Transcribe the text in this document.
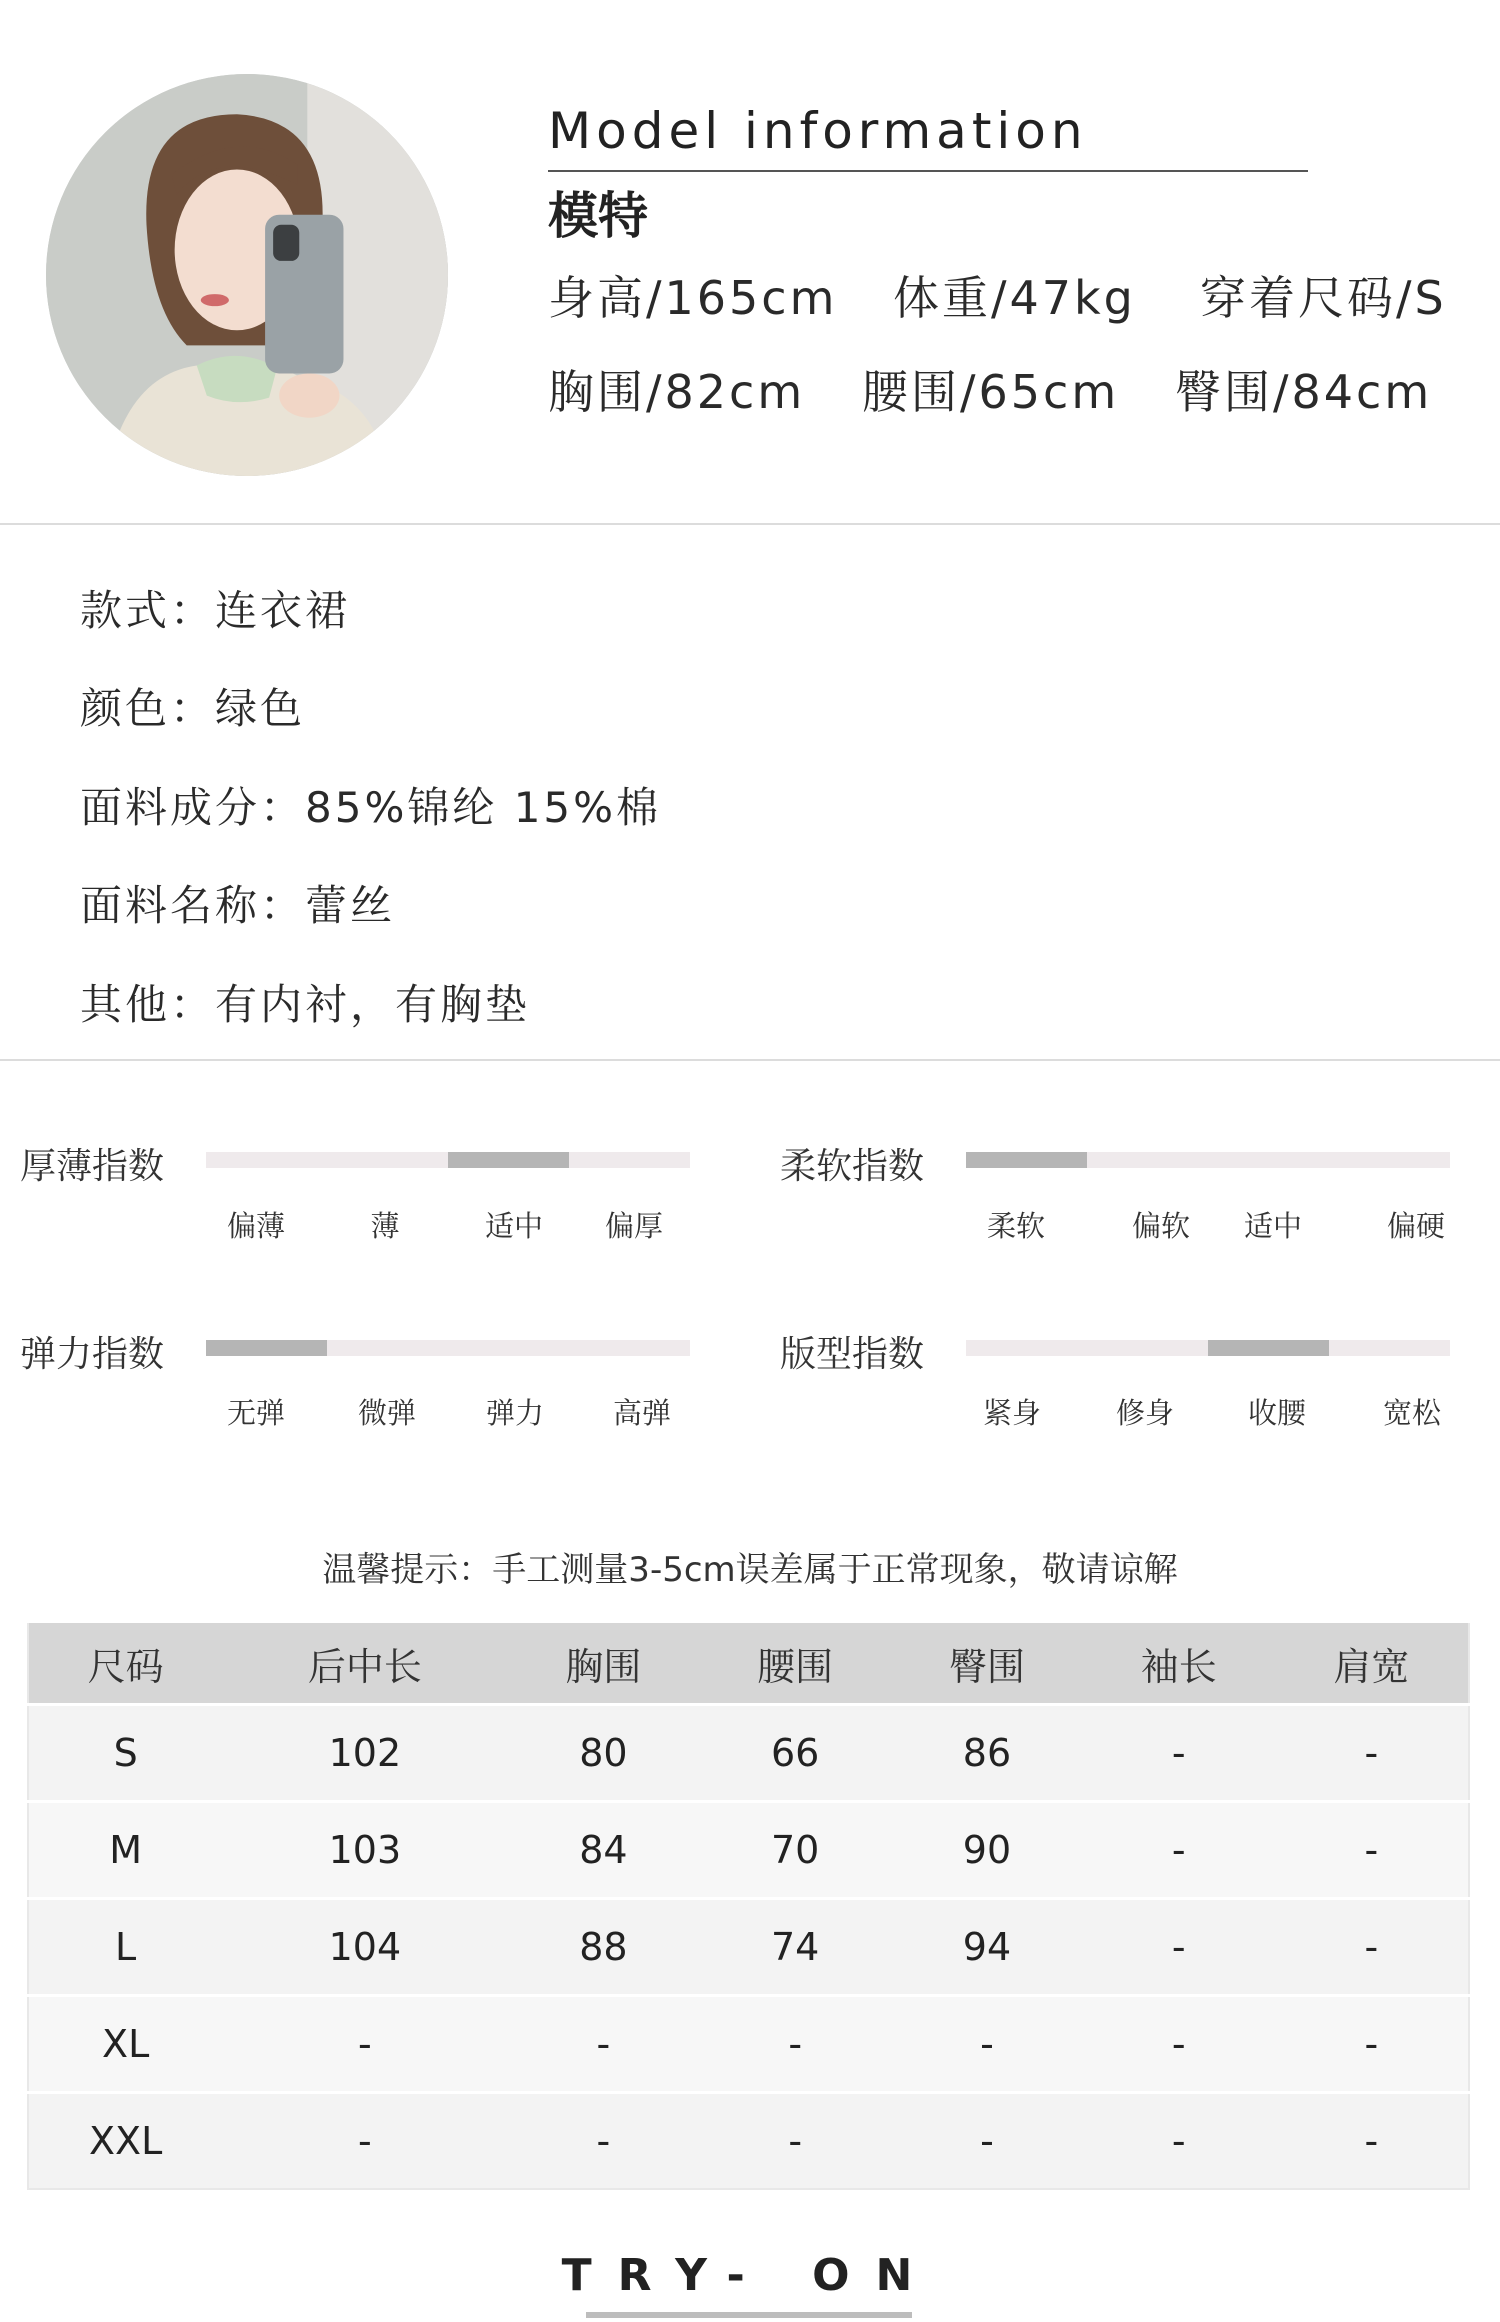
Model information
模特
身高/165cm 体重/47kg 穿着尺码/S
胸围/82cm 腰围/65cm 臀围/84cm
款式：连衣裙
颜色：绿色
面料成分：85%锦纶 15%棉
面料名称：蕾丝
其他：有内衬，有胸垫
厚薄指数
偏薄	薄	适中 偏厚
柔软指数
柔软	偏软 适中	偏硬
弹力指数
无弹	微弹 弹力 高弹
版型指数
紧身	修身	收腰	宽松
温馨提示：手工测量3-5cm误差属于正常现象，敬请谅解
尺码	后中长	胸围	腰围	臀围	袖长	肩宽
S	102	80	66	86	-	-
M	103	84	70	90	-	-
L	104	88	74	94	-	-
XL	-	-	-	-	-	-
XXL	-	-	-	-	-	-
TRY- ON
